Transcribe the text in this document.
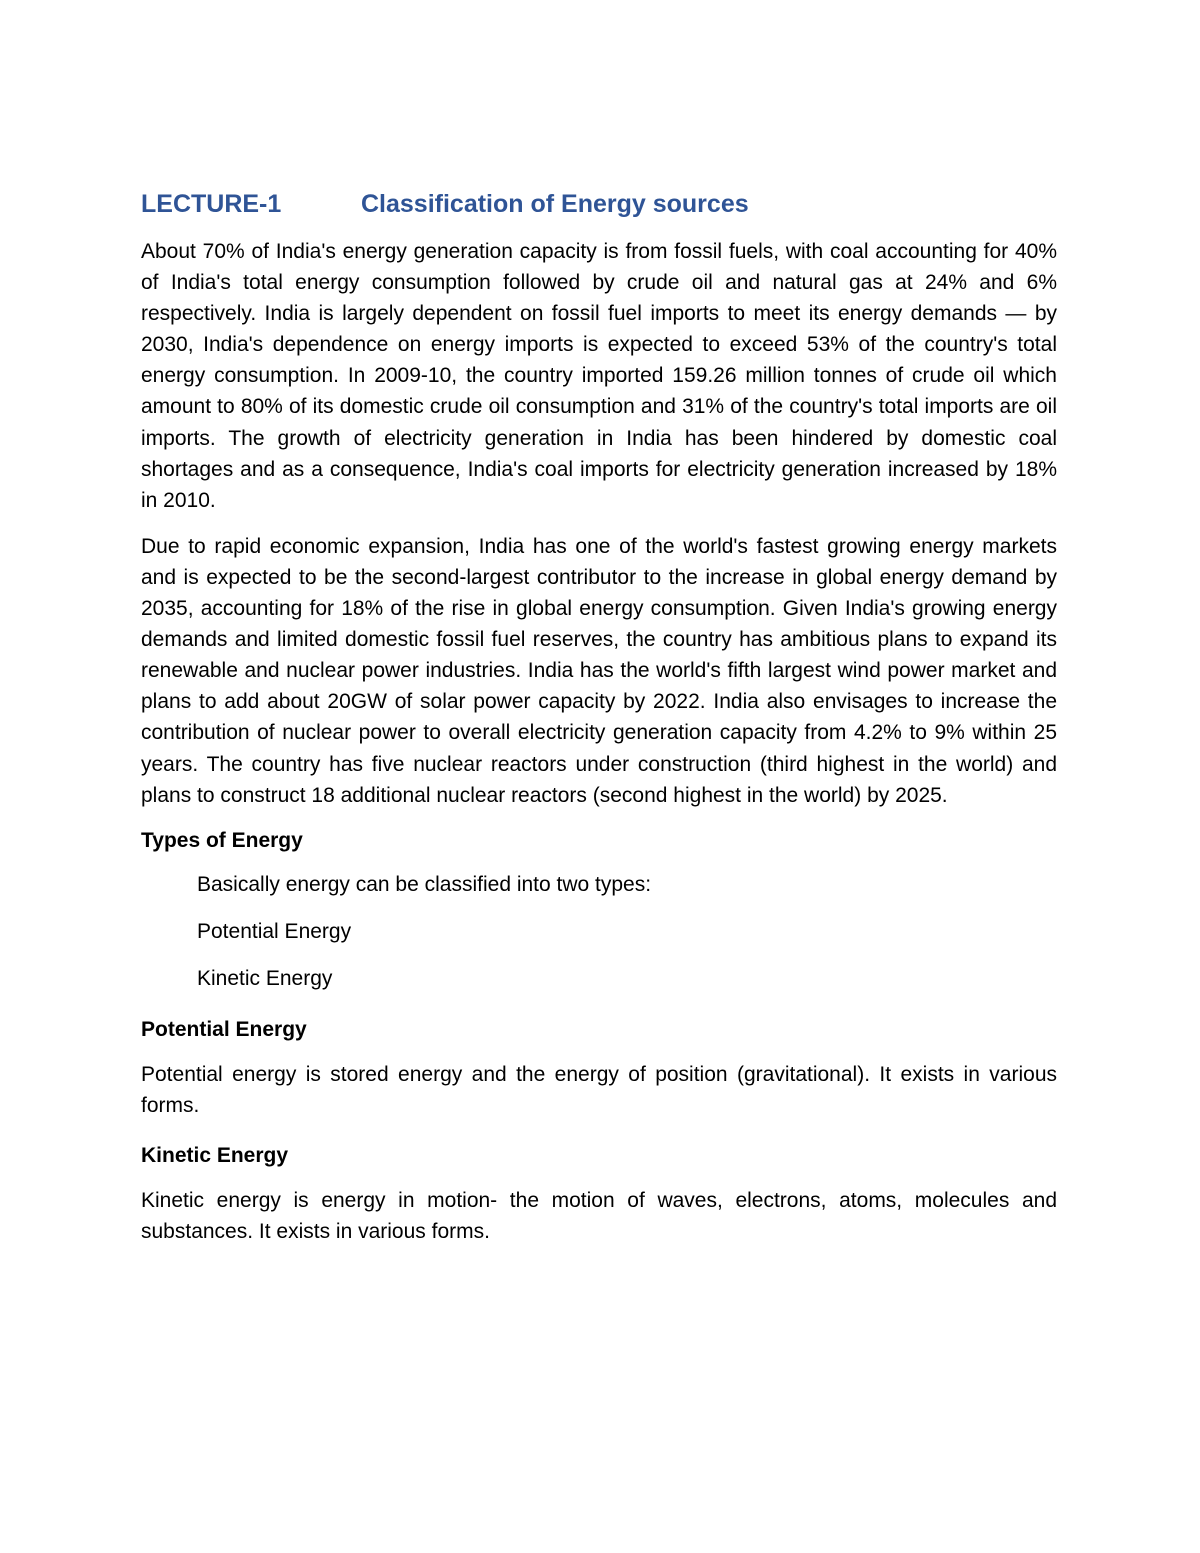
LECTURE-1	Classification of Energy sources

About 70% of India's energy generation capacity is from fossil fuels, with coal accounting for 40% of India's total energy consumption followed by crude oil and natural gas at 24% and 6% respectively. India is largely dependent on fossil fuel imports to meet its energy demands — by 2030, India's dependence on energy imports is expected to exceed 53% of the country's total energy consumption. In 2009-10, the country imported 159.26 million tonnes of crude oil which amount to 80% of its domestic crude oil consumption and 31% of the country's total imports are oil imports. The growth of electricity generation in India has been hindered by domestic coal shortages and as a consequence, India's coal imports for electricity generation increased by 18% in 2010.

Due to rapid economic expansion, India has one of the world's fastest growing energy markets and is expected to be the second-largest contributor to the increase in global energy demand by 2035, accounting for 18% of the rise in global energy consumption. Given India's growing energy demands and limited domestic fossil fuel reserves, the country has ambitious plans to expand its renewable and nuclear power industries. India has the world's fifth largest wind power market and plans to add about 20GW of solar power capacity by 2022. India also envisages to increase the contribution of nuclear power to overall electricity generation capacity from 4.2% to 9% within 25 years. The country has five nuclear reactors under construction (third highest in the world) and plans to construct 18 additional nuclear reactors (second highest in the world) by 2025.

Types of Energy
Basically energy can be classified into two types:
Potential Energy
Kinetic Energy
Potential Energy

Potential energy is stored energy and the energy of position (gravitational). It exists in various forms.

Kinetic Energy

Kinetic energy is energy in motion- the motion of waves, electrons, atoms, molecules and substances. It exists in various forms.
